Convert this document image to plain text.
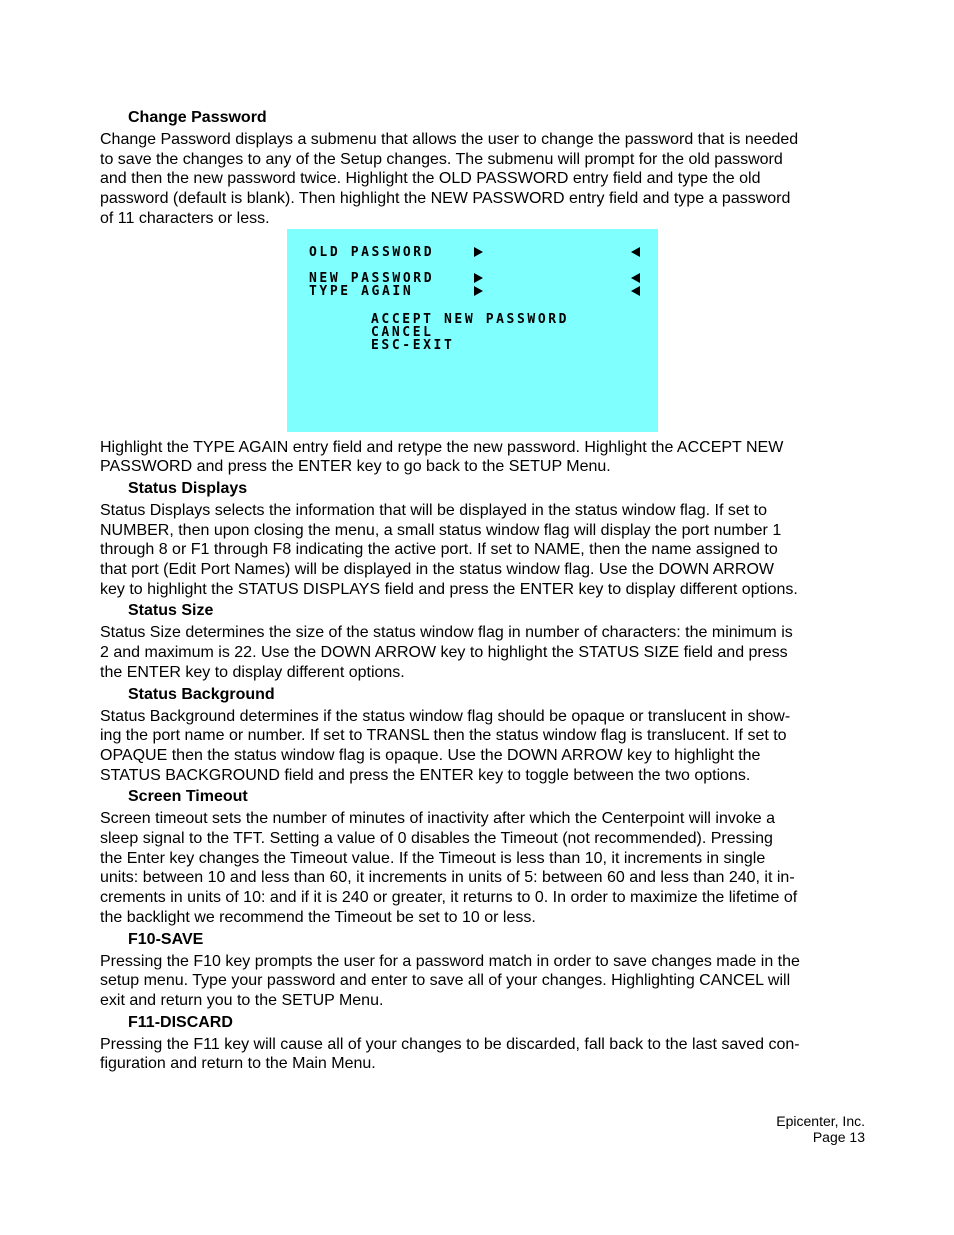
Change Password
Change Password displays a submenu that allows the user to change the password that is needed
to save the changes to any of the Setup changes. The submenu will prompt for the old password
and then the new password twice. Highlight the OLD PASSWORD entry field and type the old
password (default is blank). Then highlight the NEW PASSWORD entry field and type a password
of 11 characters or less.
OLD PASSWORD
NEW PASSWORD
TYPE AGAIN
ACCEPT NEW PASSWORD
CANCEL
ESC-EXIT
Highlight the TYPE AGAIN entry field and retype the new password. Highlight the ACCEPT NEW
PASSWORD and press the ENTER key to go back to the SETUP Menu.
Status Displays
Status Displays selects the information that will be displayed in the status window flag. If set to
NUMBER, then upon closing the menu, a small status window flag will display the port number 1
through 8 or F1 through F8 indicating the active port. If set to NAME, then the name assigned to
that port (Edit Port Names) will be displayed in the status window flag. Use the DOWN ARROW
key to highlight the STATUS DISPLAYS field and press the ENTER key to display different options.
Status Size
Status Size determines the size of the status window flag in number of characters: the minimum is
2 and maximum is 22. Use the DOWN ARROW key to highlight the STATUS SIZE field and press
the ENTER key to display different options.
Status Background
Status Background determines if the status window flag should be opaque or translucent in show-
ing the port name or number. If set to TRANSL then the status window flag is translucent. If set to
OPAQUE then the status window flag is opaque. Use the DOWN ARROW key to highlight the
STATUS BACKGROUND field and press the ENTER key to toggle between the two options.
Screen Timeout
Screen timeout sets the number of minutes of inactivity after which the Centerpoint will invoke a
sleep signal to the TFT. Setting a value of 0 disables the Timeout (not recommended). Pressing
the Enter key changes the Timeout value. If the Timeout is less than 10, it increments in single
units: between 10 and less than 60, it increments in units of 5: between 60 and less than 240, it in-
crements in units of 10: and if it is 240 or greater, it returns to 0. In order to maximize the lifetime of
the backlight we recommend the Timeout be set to 10 or less.
F10-SAVE
Pressing the F10 key prompts the user for a password match in order to save changes made in the
setup menu. Type your password and enter to save all of your changes. Highlighting CANCEL will
exit and return you to the SETUP Menu.
F11-DISCARD
Pressing the F11 key will cause all of your changes to be discarded, fall back to the last saved con-
figuration and return to the Main Menu.
Epicenter, Inc.
Page 13
